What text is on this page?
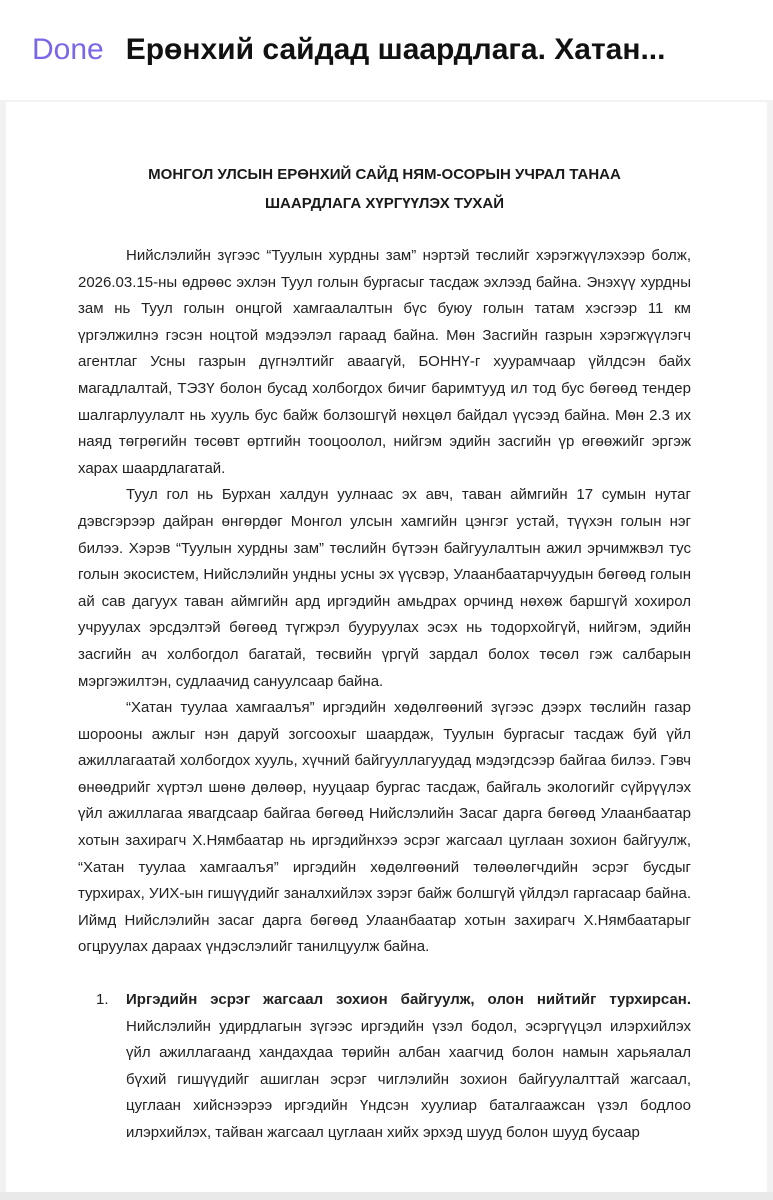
Done Ерөнхий сайдад шаардлага. Хатан...
МОНГОЛ УЛСЫН ЕРӨНХИЙ САЙД НЯМ-ОСОРЫН УЧРАЛ ТАНАА
ШААРДЛАГА ХҮРГҮҮЛЭХ ТУХАЙ

Нийслэлийн зүгээс “Туулын хурдны зам” нэртэй төслийг хэрэгжүүлэхээр болж, 2026.03.15-ны өдрөөс эхлэн Туул голын бургасыг тасдаж эхлээд байна. Энэхүү хурдны зам нь Туул голын онцгой хамгаалалтын бүс буюу голын татам хэсгээр 11 км үргэлжилнэ гэсэн ноцтой мэдээлэл гараад байна. Мөн Засгийн газрын хэрэгжүүлэгч агентлаг Усны газрын дүгнэлтийг аваагүй, БОННҮ-г хуурамчаар үйлдсэн байх магадлалтай, ТЭЗҮ болон бусад холбогдох бичиг баримтууд ил тод бус бөгөөд тендер шалгарлуулалт нь хууль бус байж болзошгүй нөхцөл байдал үүсээд байна. Мөн 2.3 их наяд төгрөгийн төсөвт өртгийн тооцоолол, нийгэм эдийн засгийн үр өгөөжийг эргэж харах шаардлагатай.

Туул гол нь Бурхан халдун уулнаас эх авч, таван аймгийн 17 сумын нутаг дэвсгэрээр дайран өнгөрдөг Монгол улсын хамгийн цэнгэг устай, түүхэн голын нэг билээ. Хэрэв “Туулын хурдны зам” төслийн бүтээн байгуулалтын ажил эрчимжвэл тус голын экосистем, Нийслэлийн ундны усны эх үүсвэр, Улаанбаатарчуудын бөгөөд голын ай сав дагуух таван аймгийн ард иргэдийн амьдрах орчинд нөхөж баршгүй хохирол учруулах эрсдэлтэй бөгөөд түгжрэл бууруулах эсэх нь тодорхойгүй, нийгэм, эдийн засгийн ач холбогдол багатай, төсвийн үргүй зардал болох төсөл гэж салбарын мэргэжилтэн, судлаачид сануулсаар байна.

“Хатан туулаа хамгаалъя” иргэдийн хөдөлгөөний зүгээс дээрх төслийн газар шорооны ажлыг нэн даруй зогсоохыг шаардаж, Туулын бургасыг тасдаж буй үйл ажиллагаатай холбогдох хууль, хүчний байгууллагуудад мэдэгдсээр байгаа билээ. Гэвч өнөөдрийг хүртэл шөнө дөлөөр, нууцаар бургас тасдаж, байгаль экологийг сүйрүүлэх үйл ажиллагаа явагдсаар байгаа бөгөөд Нийслэлийн Засаг дарга бөгөөд Улаанбаатар хотын захирагч Х.Нямбаатар нь иргэдийнхээ эсрэг жагсаал цуглаан зохион байгуулж, “Хатан туулаа хамгаалъя” иргэдийн хөдөлгөөний төлөөлөгчдийн эсрэг бусдыг турхирах, УИХ-ын гишүүдийг заналхийлэх зэрэг байж болшгүй үйлдэл гаргасаар байна. Иймд Нийслэлийн засаг дарга бөгөөд Улаанбаатар хотын захирагч Х.Нямбаатарыг огцруулах дараах үндэслэлийг танилцуулж байна.

1.	Иргэдийн эсрэг жагсаал зохион байгуулж, олон нийтийг турхирсан. Нийслэлийн удирдлагын зүгээс иргэдийн үзэл бодол, эсэргүүцэл илэрхийлэх үйл ажиллагаанд хандахдаа төрийн албан хаагчид болон намын харьяалал бүхий гишүүдийг ашиглан эсрэг чиглэлийн зохион байгуулалттай жагсаал, цуглаан хийснээрээ иргэдийн Үндсэн хуулиар баталгаажсан үзэл бодлоо илэрхийлэх, тайван жагсаал цуглаан хийх эрхэд шууд болон шууд бусаар
